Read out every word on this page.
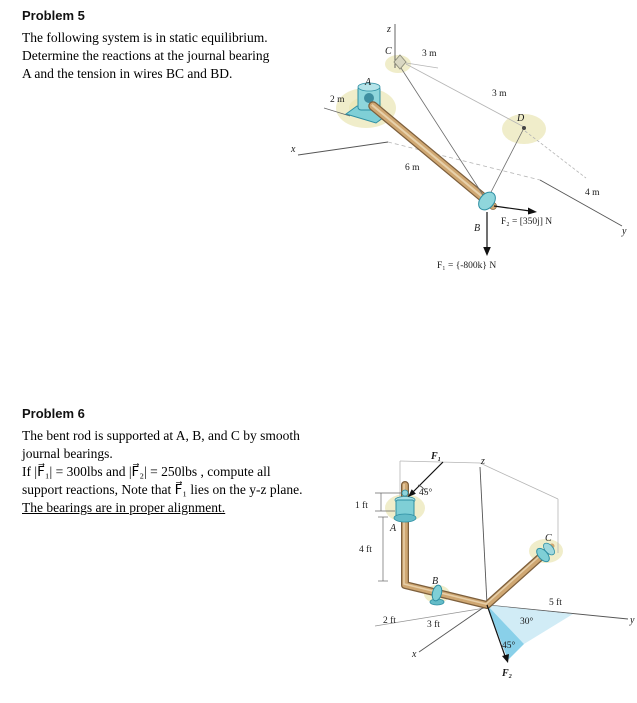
Problem 5

The following system is in static equilibrium. Determine the reactions at the journal bearing A and the tension in wires BC and BD.

z
C	3 m
3 m
A
2 m
D
6 m
4 m
B
F₂ = [350j] N
F₁ = {-800k} N
x
y
Problem 6

The bent rod is supported at A, B, and C by smooth journal bearings.
If |F⃗₁| = 300lbs and |F⃗₂| = 250lbs , compute all support reactions, Note that F⃗₁ lies on the y-z plane. The bearings are in proper alignment.

F₁
45°
z
1 ft
A
4 ft
B
C
5 ft
2 ft	3 ft	30°
45°
F₂
y
x
